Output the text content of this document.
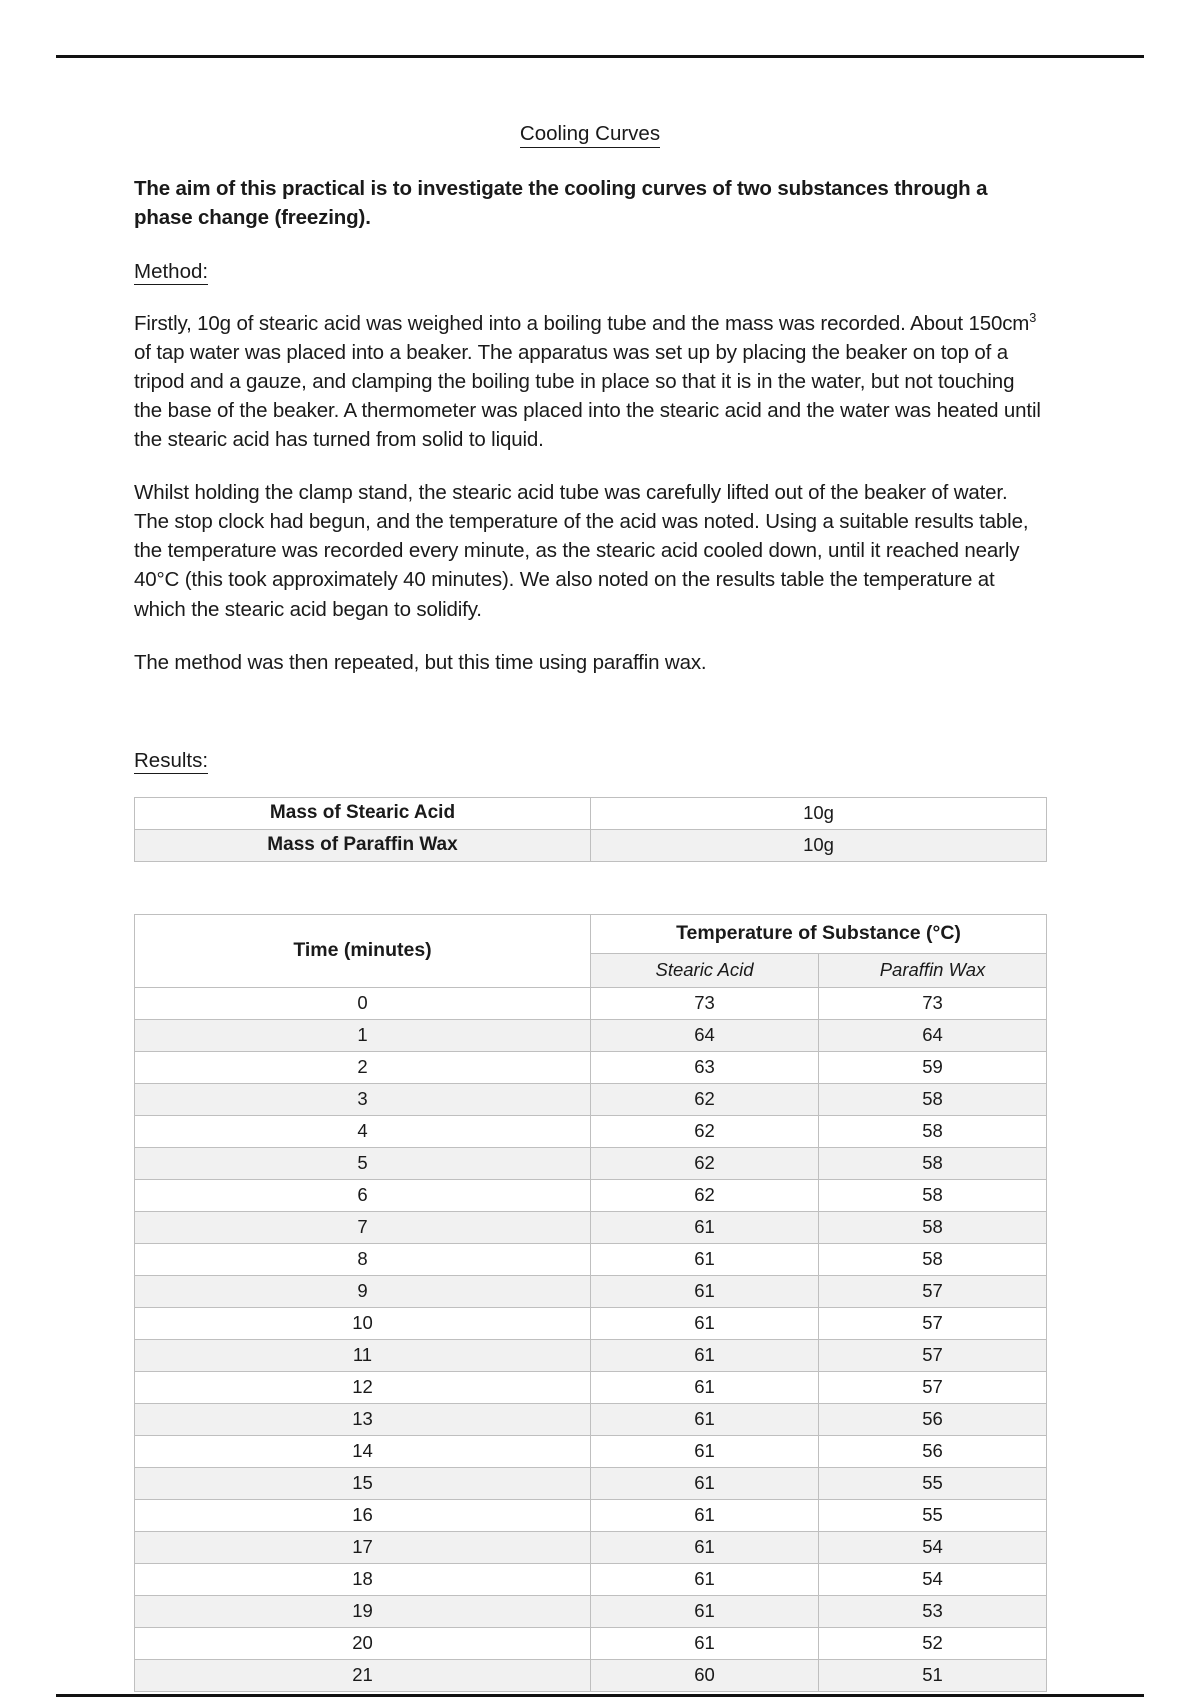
Cooling Curves
The aim of this practical is to investigate the cooling curves of two substances through a phase change (freezing).
Method:

Firstly, 10g of stearic acid was weighed into a boiling tube and the mass was recorded. About $150cm^3$ of tap water was placed into a beaker. The apparatus was set up by placing the beaker on top of a tripod and a gauze, and clamping the boiling tube in place so that it is in the water, but not touching the base of the beaker. A thermometer was placed into the stearic acid and the water was heated until the stearic acid has turned from solid to liquid.

Whilst holding the clamp stand, the stearic acid tube was carefully lifted out of the beaker of water. The stop clock had begun, and the temperature of the acid was noted. Using a suitable results table, the temperature was recorded every minute, as the stearic acid cooled down, until it reached nearly 40°C (this took approximately 40 minutes). We also noted on the results table the temperature at which the stearic acid began to solidify.

The method was then repeated, but this time using paraffin wax.

Results:
Mass of Stearic Acid	10g
Mass of Paraffin Wax	10g
Time (minutes)	Temperature of Substance (°C)	
	Stearic Acid	Paraffin Wax
0	73	73
1	64	64
2	63	59
3	62	58
4	62	58
5	62	58
6	62	58
7	61	58
8	61	58
9	61	57
10	61	57
11	61	57
12	61	57
13	61	56
14	61	56
15	61	55
16	61	55
17	61	54
18	61	54
19	61	53
20	61	52
21	60	51
